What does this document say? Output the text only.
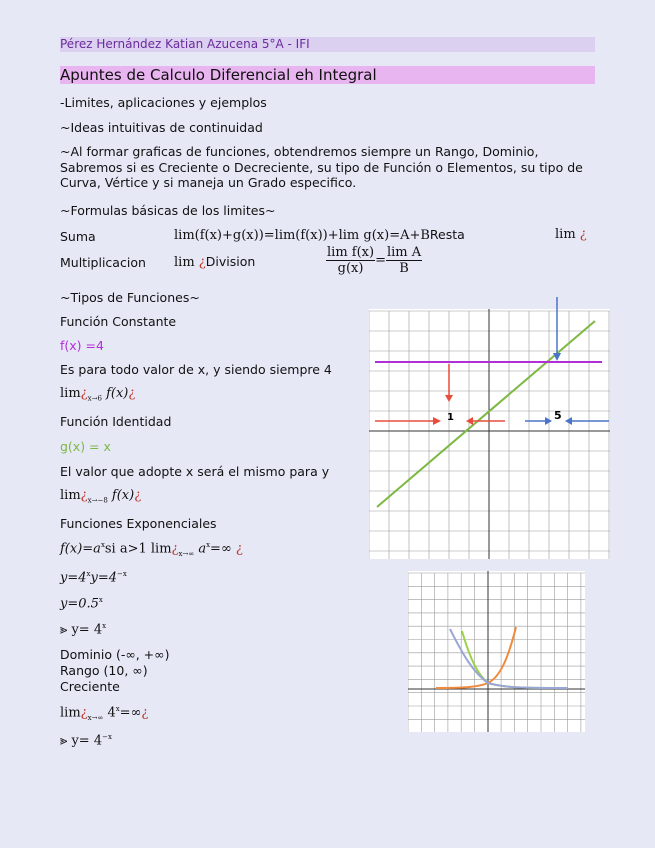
Pérez Hernández Katian Azucena 5°A - IFI
Apuntes de Calculo Diferencial eh Integral
-Limites, aplicaciones y ejemplos
~Ideas intuitivas de continuidad
~Al formar graficas de funciones, obtendremos siempre un Rango, Dominio, Sabremos si es Creciente o Decreciente, su tipo de Función o Elementos, su tipo de Curva, Vértice y si maneja un Grado especifico.
~Formulas básicas de los limites~
Suma	lim(f(x)+g(x))=lim(f(x))+lim g(x)=A+BResta	lim ¿
Multiplicacion lim ¿Division	$\frac{\text{lim f(x)}}{g(x)} = \frac{\text{lim A}}{B}$
~Tipos de Funciones~
Función Constante
f(x) =4
Es para todo valor de x, y siendo siempre 4
$\lim¿_{x\to 6}$ f(x)¿
Función Identidad
g(x) = x
El valor que adopte x será el mismo para y
$\lim¿_{x\to-8}$ f(x)¿
Funciones Exponenciales
$f(x)=a^xsi$ a>1 $\lim¿_{x\to\infty}$ $a^x=\infty$ ¿
$y=4^xy=4^{-x}$
$y=0.5^x$
⪢ $y= 4^x$
Dominio (-∞, +∞)
Rango (10, ∞)
Creciente
$\lim¿_{x\to\infty}$ $4^x=\infty¿$
⪢ $y= 4^{-x}$
1	5
